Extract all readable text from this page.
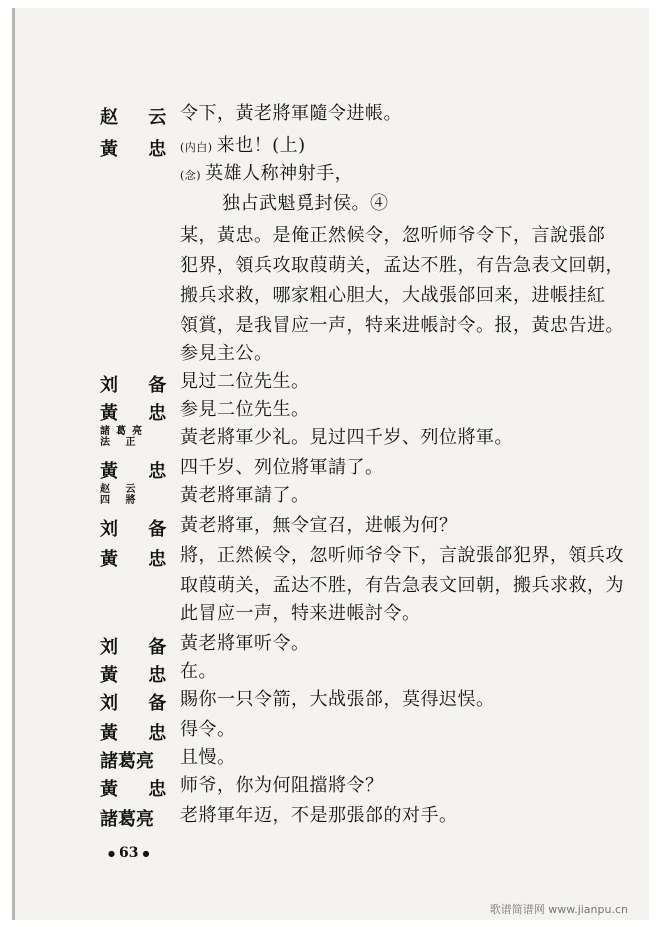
赵 云 令下，黃老將軍隨令进帳。
黃 忠 (内白) 来也！(上)
(念) 英雄人称神射手，
独占武魁覓封侯。④
某，黃忠。是俺正然候令，忽听师爷令下，言說張郃
犯界，領兵攻取葭萌关，孟达不胜，有告急表文回朝，
搬兵求救，哪家粗心胆大，大战張郃回来，进帳挂紅
領賞，是我冒应一声，特来进帳討令。报，黃忠告进。
参見主公。
刘 备 見过二位先生。
黃 忠 参見二位先生。
諸葛亮
法 正	黃老將軍少礼。見过四千岁、列位將軍。
黃 忠 四千岁、列位將軍請了。
赵 云
四 將	黃老將軍請了。
刘 备 黃老將軍，無令宣召，进帳为何？
黃 忠 將，正然候令，忽听师爷令下，言說張郃犯界，領兵攻
取葭萌关，孟达不胜，有告急表文回朝，搬兵求救，为
此冒应一声，特来进帳討令。
刘 备 黃老將軍听令。
黃 忠 在。
刘 备 賜你一只令箭，大战張郃，莫得迟悮。
黃 忠 得令。
諸葛亮	且慢。
黃 忠 师爷，你为何阻擋將令？
諸葛亮	老將軍年迈，不是那張郃的对手。
● 63 ●
歌谱简谱网 www.jianpu.cn
